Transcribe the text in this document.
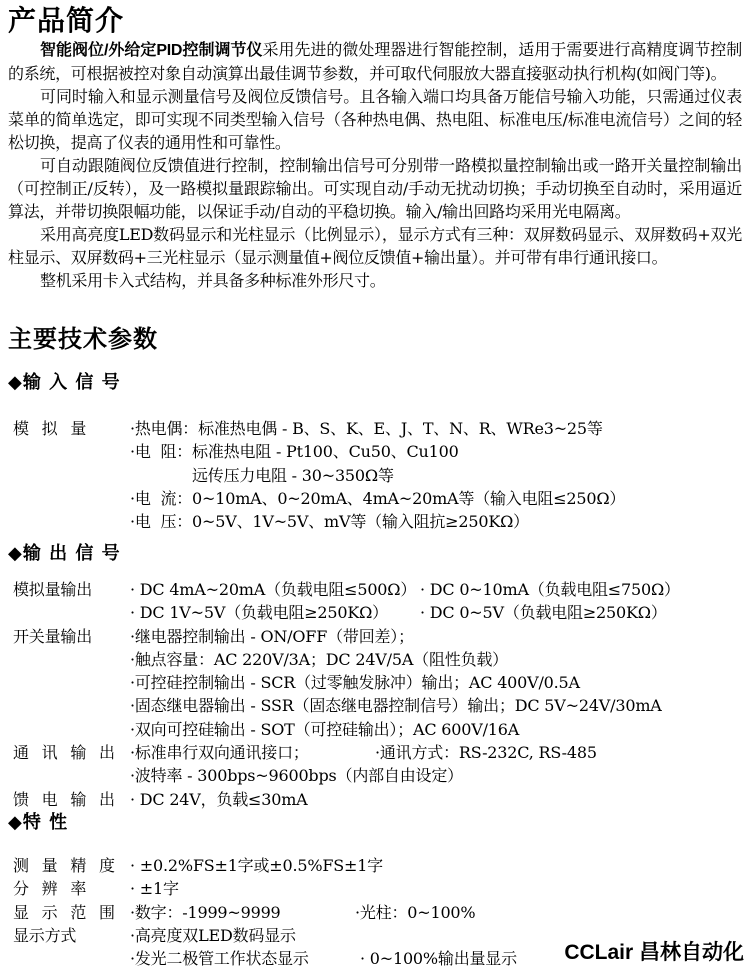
产品简介

智能阀位/外给定PID控制调节仪采用先进的微处理器进行智能控制，适用于需要进行高精度调节控制的系统，可根据被控对象自动演算出最佳调节参数，并可取代伺服放大器直接驱动执行机构(如阀门等)。

可同时输入和显示测量信号及阀位反馈信号。且各输入端口均具备万能信号输入功能，只需通过仪表菜单的简单选定，即可实现不同类型输入信号（各种热电偶、热电阻、标准电压/标准电流信号）之间的轻松切换，提高了仪表的通用性和可靠性。

可自动跟随阀位反馈值进行控制，控制输出信号可分别带一路模拟量控制输出或一路开关量控制输出（可控制正/反转），及一路模拟量跟踪输出。可实现自动/手动无扰动切换；手动切换至自动时，采用逼近算法，并带切换限幅功能，以保证手动/自动的平稳切换。输入/输出回路均采用光电隔离。

采用高亮度LED数码显示和光柱显示（比例显示），显示方式有三种：双屏数码显示、双屏数码+双光柱显示、双屏数码+三光柱显示（显示测量值+阀位反馈值+输出量）。并可带有串行通讯接口。

整机采用卡入式结构，并具备多种标准外形尺寸。

主要技术参数
◆输 入 信 号
模 拟 量	·热电偶：标准热电偶 - B、S、K、E、J、T、N、R、WRe3~25等
·电  阻：标准热电阻 - Pt100、Cu50、Cu100
远传压力电阻 - 30~350Ω等
·电  流：0~10mA、0~20mA、4mA~20mA等（输入电阻≤250Ω）
·电  压：0~5V、1V~5V、mV等（输入阻抗≥250KΩ）
◆输 出 信 号
模拟量输出	· DC 4mA~20mA（负载电阻≤500Ω） · DC 0~10mA（负载电阻≤750Ω）
· DC 1V~5V（负载电阻≥250KΩ） · DC 0~5V（负载电阻≥250KΩ）
开关量输出	·继电器控制输出 - ON/OFF（带回差）；
·触点容量：AC 220V/3A；DC 24V/5A（阻性负载）
·可控硅控制输出 - SCR（过零触发脉冲）输出；AC 400V/0.5A
·固态继电器输出 - SSR（固态继电器控制信号）输出；DC 5V~24V/30mA
·双向可控硅输出 - SOT（可控硅输出）；AC 600V/16A
通 讯 输 出 ·标准串行双向通讯接口；	·通讯方式：RS-232C, RS-485
·波特率 - 300bps~9600bps（内部自由设定）
馈 电 输 出 · DC 24V，负载≤30mA
◆特 性
测 量 精 度 · ±0.2%FS±1字或±0.5%FS±1字
分 辨 率	· ±1字
显 示 范 围 ·数字：-1999~9999	·光柱：0~100%
显示方式	·高亮度双LED数码显示
·发光二极管工作状态显示	· 0~100%输出量显示 CCLair 昌林自动化
